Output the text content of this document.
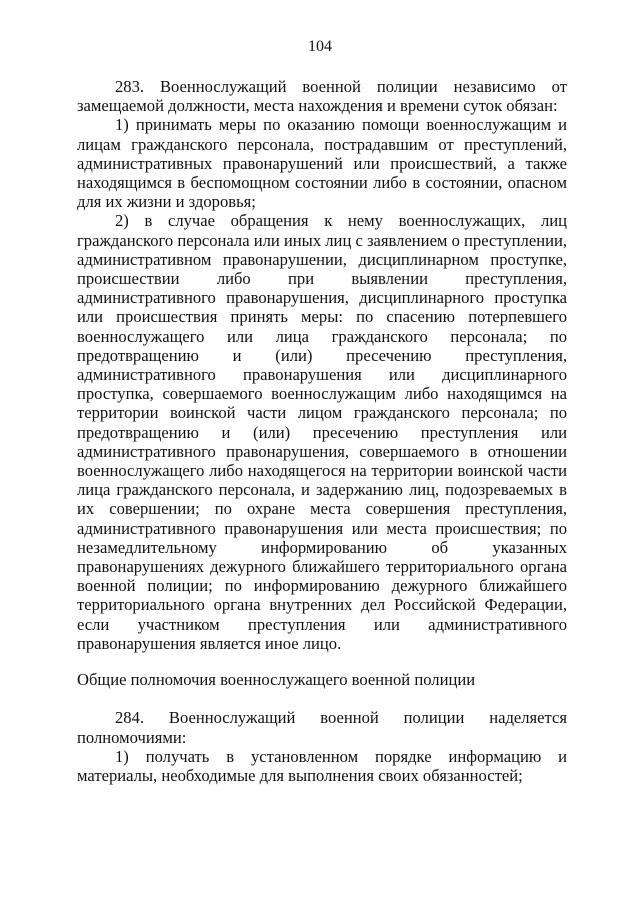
104

283. Военнослужащий военной полиции независимо от замещаемой должности, места нахождения и времени суток обязан:

1) принимать меры по оказанию помощи военнослужащим и лицам гражданского персонала, пострадавшим от преступлений, административных правонарушений или происшествий, а также находящимся в беспомощном состоянии либо в состоянии, опасном для их жизни и здоровья;

2) в случае обращения к нему военнослужащих, лиц гражданского персонала или иных лиц с заявлением о преступлении, административном правонарушении, дисциплинарном проступке, происшествии либо при выявлении преступления, административного правонарушения, дисциплинарного проступка или происшествия принять меры: по спасению потерпевшего военнослужащего или лица гражданского персонала; по предотвращению и (или) пресечению преступления, административного правонарушения или дисциплинарного проступка, совершаемого военнослужащим либо находящимся на территории воинской части лицом гражданского персонала; по предотвращению и (или) пресечению преступления или административного правонарушения, совершаемого в отношении военнослужащего либо находящегося на территории воинской части лица гражданского персонала, и задержанию лиц, подозреваемых в их совершении; по охране места совершения преступления, административного правонарушения или места происшествия; по незамедлительному информированию об указанных правонарушениях дежурного ближайшего территориального органа военной полиции; по информированию дежурного ближайшего территориального органа внутренних дел Российской Федерации, если участником преступления или административного правонарушения является иное лицо.

Общие полномочия военнослужащего военной полиции

284. Военнослужащий военной полиции наделяется полномочиями:

1) получать в установленном порядке информацию и материалы, необходимые для выполнения своих обязанностей;
